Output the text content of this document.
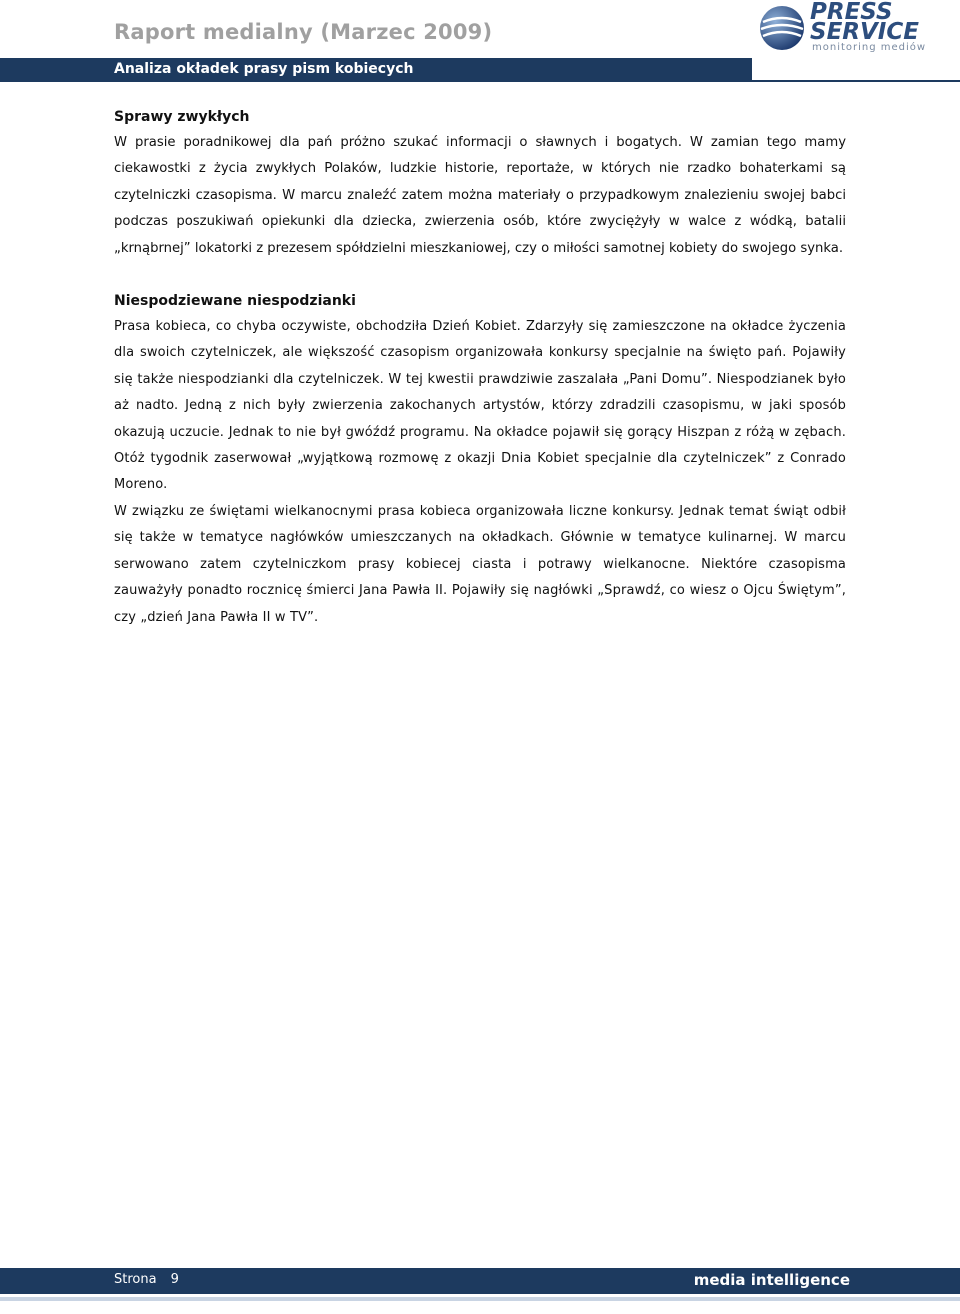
Raport medialny (Marzec 2009)
Analiza okładek prasy pism kobiecych
PRESS
SERVICE
monitoring mediów
Sprawy zwykłych

W prasie poradnikowej dla pań próżno szukać informacji o sławnych i bogatych. W zamian tego mamy ciekawostki z życia zwykłych Polaków, ludzkie historie, reportaże, w których nie rzadko bohaterkami są czytelniczki czasopisma. W marcu znaleźć zatem można materiały o przypadkowym znalezieniu swojej babci podczas poszukiwań opiekunki dla dziecka, zwierzenia osób, które zwyciężyły w walce z wódką, batalii „krnąbrnej” lokatorki z prezesem spółdzielni mieszkaniowej, czy o miłości samotnej kobiety do swojego synka.

Niespodziewane niespodzianki

Prasa kobieca, co chyba oczywiste, obchodziła Dzień Kobiet. Zdarzyły się zamieszczone na okładce życzenia dla swoich czytelniczek, ale większość czasopism organizowała konkursy specjalnie na święto pań. Pojawiły się także niespodzianki dla czytelniczek. W tej kwestii prawdziwie zaszalała „Pani Domu”. Niespodzianek było aż nadto. Jedną z nich były zwierzenia zakochanych artystów, którzy zdradzili czasopismu, w jaki sposób okazują uczucie. Jednak to nie był gwóźdź programu. Na okładce pojawił się gorący Hiszpan z różą w zębach. Otóż tygodnik zaserwował „wyjątkową rozmowę z okazji Dnia Kobiet specjalnie dla czytelniczek” z Conrado Moreno.

W związku ze świętami wielkanocnymi prasa kobieca organizowała liczne konkursy. Jednak temat świąt odbił się także w tematyce nagłówków umieszczanych na okładkach. Głównie w tematyce kulinarnej. W marcu serwowano zatem czytelniczkom prasy kobiecej ciasta i potrawy wielkanocne. Niektóre czasopisma zauważyły ponadto rocznicę śmierci Jana Pawła II. Pojawiły się nagłówki „Sprawdź, co wiesz o Ojcu Świętym”, czy „dzień Jana Pawła II w TV”.

Strona 9	media intelligence
